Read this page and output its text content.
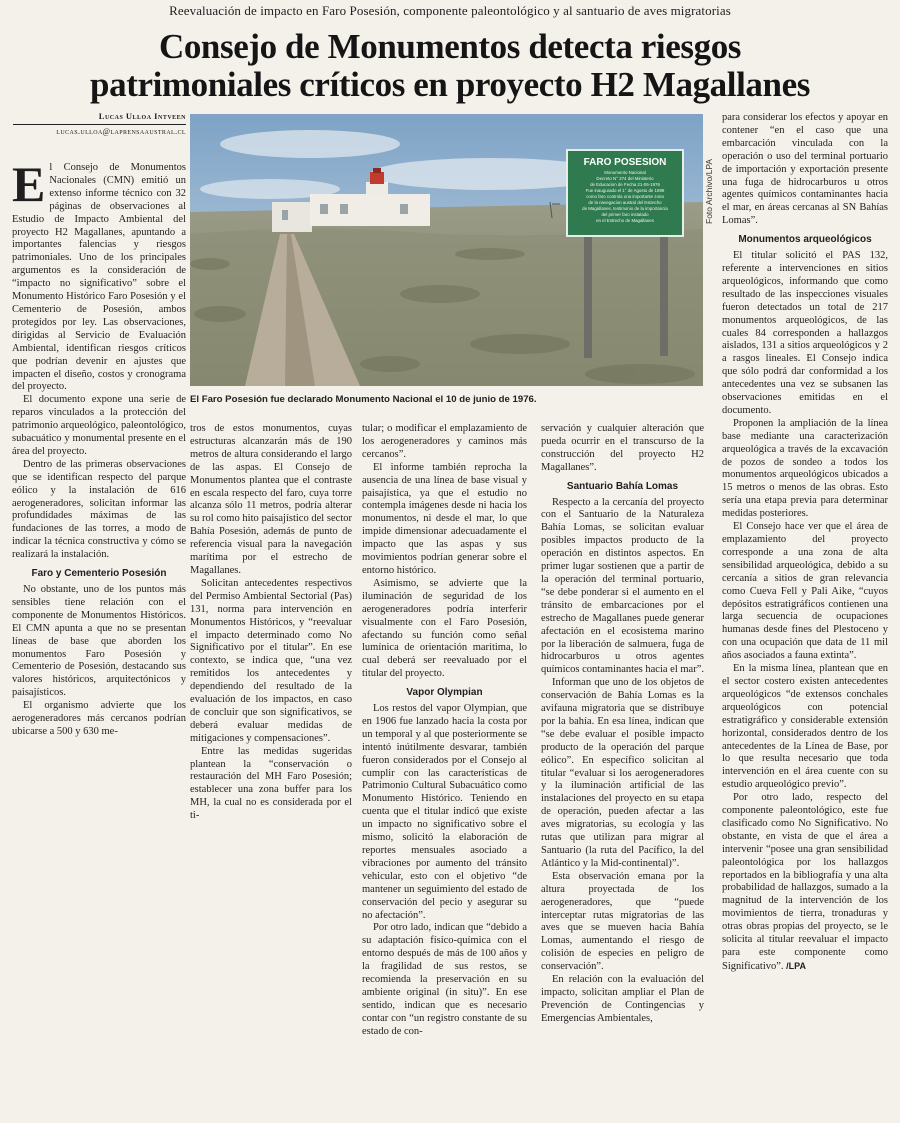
Reevaluación de impacto en Faro Posesión, componente paleontológico y al santuario de aves migratorias
Consejo de Monumentos detecta riesgos
patrimoniales críticos en proyecto H2 Magallanes
Lucas Ulloa Intveen
lucas.ulloa@laprensaaustral.cl
FARO POSESION
Monumento Nacional
Decreto N° 374 del Ministerio
de Educacion de Fecha 21-06-1976
Fue inaugurado el 1° de Agosto de 1899
como faro controla una importante zona
de la navegacion austral del Estrecho
de Magallanes, testimonio de la importancia
del primer faro instalado
en el Estrecho de Magallanes	Foto Archivo/LPA
El Faro Posesión fue declarado Monumento Nacional el 10 de junio de 1976.

El Consejo de Monumentos Nacionales (CMN) emitió un extenso informe técnico con 32 páginas de observaciones al Estudio de Impacto Ambiental del proyecto H2 Magallanes, apuntando a importantes falencias y riesgos patrimoniales. Uno de los principales argumentos es la consideración de “impacto no significativo” sobre el Monumento Histórico Faro Posesión y el Cementerio de Posesión, ambos protegidos por ley. Las observaciones, dirigidas al Servicio de Evaluación Ambiental, identifican riesgos críticos que podrían devenir en ajustes que impacten el diseño, costos y cronograma del proyecto.

El documento expone una serie de reparos vinculados a la protección del patrimonio arqueológico, paleontológico, subacuático y monumental presente en el área del proyecto.

Dentro de las primeras observaciones que se identifican respecto del parque eólico y la instalación de 616 aerogeneradores, solicitan informar las profundidades máximas de las fundaciones de las torres, a modo de indicar la técnica constructiva y cómo se realizará la instalación.

Faro y Cementerio Posesión

No obstante, uno de los puntos más sensibles tiene relación con el componente de Monumentos Históricos. El CMN apunta a que no se presentan líneas de base que aborden los monumentos Faro Posesión y Cementerio de Posesión, destacando sus valores históricos, arquitectónicos y paisajísticos.

El organismo advierte que los aerogeneradores más cercanos podrían ubicarse a 500 y 630 me-

tros de estos monumentos, cuyas estructuras alcanzarán más de 190 metros de altura considerando el largo de las aspas. El Consejo de Monumentos plantea que el contraste en escala respecto del faro, cuya torre alcanza sólo 11 metros, podría alterar su rol como hito paisajístico del sector Bahía Posesión, además de punto de referencia visual para la navegación marítima por el estrecho de Magallanes.

Solicitan antecedentes respectivos del Permiso Ambiental Sectorial (Pas) 131, norma para intervención en Monumentos Históricos, y “reevaluar el impacto determinado como No Significativo por el titular”. En ese contexto, se indica que, “una vez remitidos los antecedentes y dependiendo del resultado de la evaluación de los impactos, en caso de concluir que son significativos, se deberá evaluar medidas de mitigaciones y compensaciones”.

Entre las medidas sugeridas plantean la “conservación o restauración del MH Faro Posesión; establecer una zona buffer para los MH, la cual no es considerada por el ti-

tular; o modificar el emplazamiento de los aerogeneradores y caminos más cercanos”.

El informe también reprocha la ausencia de una línea de base visual y paisajística, ya que el estudio no contempla imágenes desde ni hacia los monumentos, ni desde el mar, lo que impide dimensionar adecuadamente el impacto que las aspas y sus movimientos podrían generar sobre el entorno histórico.

Asimismo, se advierte que la iluminación de seguridad de los aerogeneradores podría interferir visualmente con el Faro Posesión, afectando su función como señal lumínica de orientación marítima, lo cual deberá ser reevaluado por el titular del proyecto.

Vapor Olympian

Los restos del vapor Olympian, que en 1906 fue lanzado hacia la costa por un temporal y al que posteriormente se intentó inútilmente desvarar, también fueron considerados por el Consejo al cumplir con las características de Patrimonio Cultural Subacuático como Monumento Histórico. Teniendo en cuenta que el titular indicó que existe un impacto no significativo sobre el mismo, solicitó la elaboración de reportes mensuales asociado a vibraciones por aumento del tránsito vehicular, esto con el objetivo “de mantener un seguimiento del estado de conservación del pecio y asegurar su no afectación”.

Por otro lado, indican que “debido a su adaptación físico-química con el entorno después de más de 100 años y la fragilidad de sus restos, se recomienda la preservación en su ambiente original (in situ)”. En ese sentido, indican que es necesario contar con “un registro constante de su estado de con-

servación y cualquier alteración que pueda ocurrir en el transcurso de la construcción del proyecto H2 Magallanes”.

Santuario Bahía Lomas

Respecto a la cercanía del proyecto con el Santuario de la Naturaleza Bahía Lomas, se solicitan evaluar posibles impactos producto de la operación en distintos aspectos. En primer lugar sostienen que a partir de la operación del terminal portuario, “se debe ponderar si el aumento en el tránsito de embarcaciones por el estrecho de Magallanes puede generar afectación en el ecosistema marino por la liberación de salmuera, fuga de hidrocarburos u otros agentes químicos contaminantes hacia el mar”.

Informan que uno de los objetos de conservación de Bahía Lomas es la avifauna migratoria que se distribuye por la bahía. En esa línea, indican que “se debe evaluar el posible impacto producto de la operación del parque eólico”. En específico solicitan al titular “evaluar si los aerogeneradores y la iluminación artificial de las instalaciones del proyecto en su etapa de operación, pueden afectar a las aves migratorias, su ecología y las rutas que utilizan para migrar al Santuario (la ruta del Pacífico, la del Atlántico y la Mid-continental)”.

Esta observación emana por la altura proyectada de los aerogeneradores, que “puede interceptar rutas migratorias de las aves que se mueven hacia Bahía Lomas, aumentando el riesgo de colisión de especies en peligro de conservación”.

En relación con la evaluación del impacto, solicitan ampliar el Plan de Prevención de Contingencias y Emergencias Ambientales,

para considerar los efectos y apoyar en contener “en el caso que una embarcación vinculada con la operación o uso del terminal portuario de importación y exportación presente una fuga de hidrocarburos u otros agentes químicos contaminantes hacia el mar, en áreas cercanas al SN Bahías Lomas”.

Monumentos arqueológicos

El titular solicitó el PAS 132, referente a intervenciones en sitios arqueológicos, informando que como resultado de las inspecciones visuales fueron detectados un total de 217 monumentos arqueológicos, de las cuales 84 corresponden a hallazgos aislados, 131 a sitios arqueológicos y 2 a rasgos lineales. El Consejo indica que sólo podrá dar conformidad a los antecedentes una vez se subsanen las observaciones emitidas en el documento.

Proponen la ampliación de la línea base mediante una caracterización arqueológica a través de la excavación de pozos de sondeo a todos los monumentos arqueológicos ubicados a 15 metros o menos de las obras. Esto sería una etapa previa para determinar medidas posteriores.

El Consejo hace ver que el área de emplazamiento del proyecto corresponde a una zona de alta sensibilidad arqueológica, debido a su cercanía a sitios de gran relevancia como Cueva Fell y Pali Aike, “cuyos depósitos estratigráficos contienen una larga secuencia de ocupaciones humanas desde fines del Plestoceno y con una ocupación que data de 11 mil años asociados a fauna extinta”.

En la misma línea, plantean que en el sector costero existen antecedentes arqueológicos “de extensos conchales arqueológicos con potencial estratigráfico y considerable extensión horizontal, considerados dentro de los antecedentes de la Línea de Base, por lo que resulta necesario que toda intervención en el área cuente con su estudio arqueológico previo”.

Por otro lado, respecto del componente paleontológico, este fue clasificado como No Significativo. No obstante, en vista de que el área a intervenir “posee una gran sensibilidad paleontológica por los hallazgos reportados en la bibliografía y una alta probabilidad de hallazgos, sumado a la magnitud de la intervención de los movimientos de tierra, tronaduras y otras obras propias del proyecto, se le solicita al titular reevaluar el impacto para este componente como Significativo”. /LPA
